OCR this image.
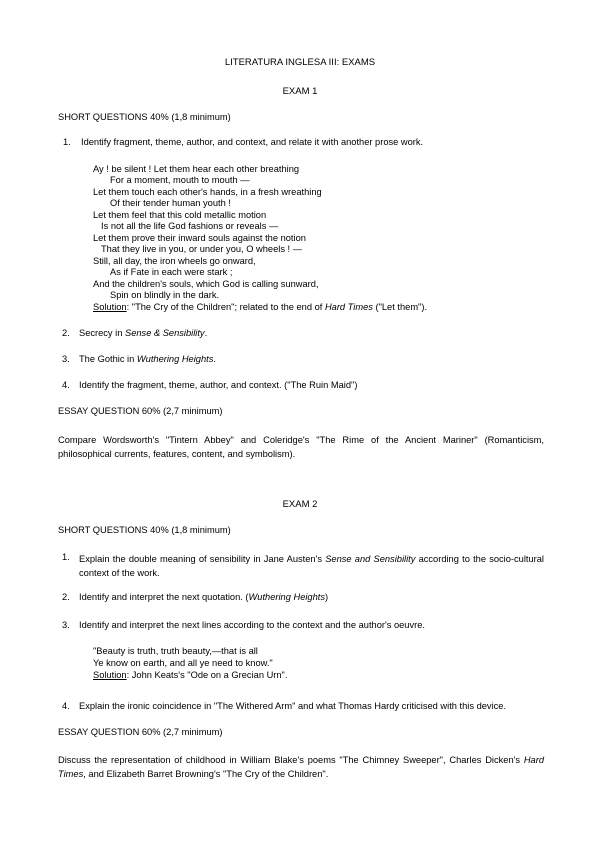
LITERATURA INGLESA III: EXAMS
EXAM 1
SHORT QUESTIONS 40% (1,8 minimum)
1. Identify fragment, theme, author, and context, and relate it with another prose work.
Ay ! be silent ! Let them hear each other breathing
For a moment, mouth to mouth —
Let them touch each other's hands, in a fresh wreathing
Of their tender human youth !
Let them feel that this cold metallic motion
Is not all the life God fashions or reveals —
Let them prove their inward souls against the notion
That they live in you, or under you, O wheels ! —
Still, all day, the iron wheels go onward,
As if Fate in each were stark ;
And the children's souls, which God is calling sunward,
Spin on blindly in the dark.
Solution: "The Cry of the Children"; related to the end of Hard Times ("Let them").
2. Secrecy in Sense & Sensibility.
3. The Gothic in Wuthering Heights.
4. Identify the fragment, theme, author, and context. ("The Ruin Maid")
ESSAY QUESTION 60% (2,7 minimum)
Compare Wordsworth's "Tintern Abbey" and Coleridge's "The Rime of the Ancient Mariner" (Romanticism, philosophical currents, features, content, and symbolism).
EXAM 2
SHORT QUESTIONS 40% (1,8 minimum)
1. Explain the double meaning of sensibility in Jane Austen's Sense and Sensibility according to the socio-cultural context of the work.
2. Identify and interpret the next quotation. (Wuthering Heights)
3. Identify and interpret the next lines according to the context and the author's oeuvre.
"Beauty is truth, truth beauty,—that is all
Ye know on earth, and all ye need to know."
Solution: John Keats's "Ode on a Grecian Urn".
4. Explain the ironic coincidence in "The Withered Arm" and what Thomas Hardy criticised with this device.
ESSAY QUESTION 60% (2,7 minimum)
Discuss the representation of childhood in William Blake's poems "The Chimney Sweeper", Charles Dicken's Hard Times, and Elizabeth Barret Browning's "The Cry of the Children".
